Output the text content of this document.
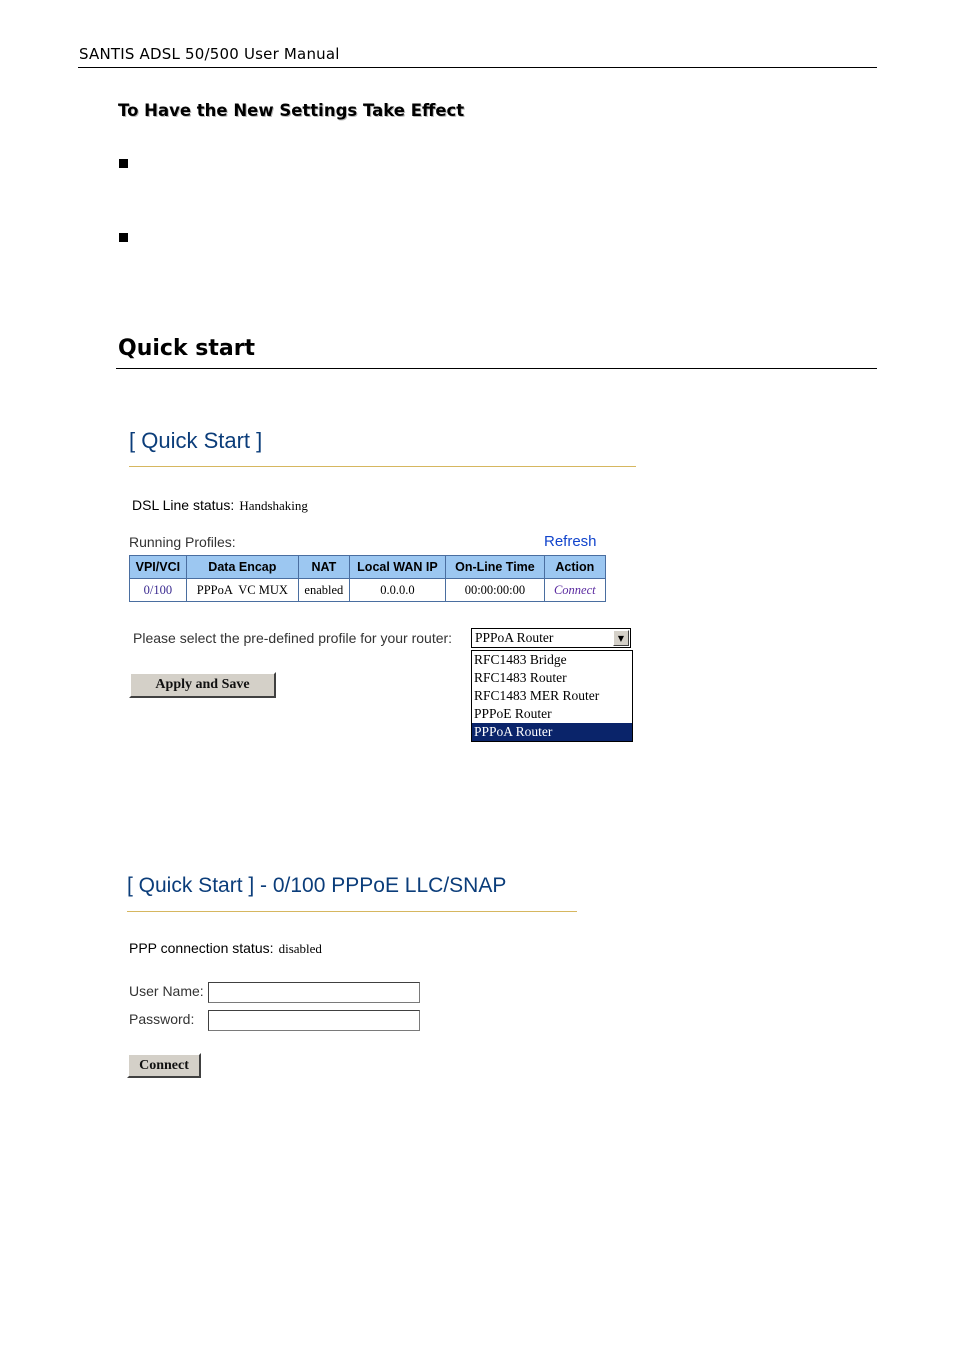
SANTIS ADSL 50/500 User Manual
To Have the New Settings Take Effect
Quick start
[ Quick Start ]
DSL Line status: Handshaking
Running Profiles:	Refresh
VPI/VCI	Data Encap	NAT	Local WAN IP	On-Line Time	Action
0/100	PPPoA  VC MUX	enabled	0.0.0.0	00:00:00:00	Connect
Please select the pre-defined profile for your router: PPPoA Router	▼
RFC1483 Bridge
RFC1483 Router
RFC1483 MER Router
PPPoE Router
PPPoA Router
Apply and Save
[ Quick Start ] - 0/100 PPPoE LLC/SNAP
PPP connection status: disabled
User Name:
Password:
Connect
